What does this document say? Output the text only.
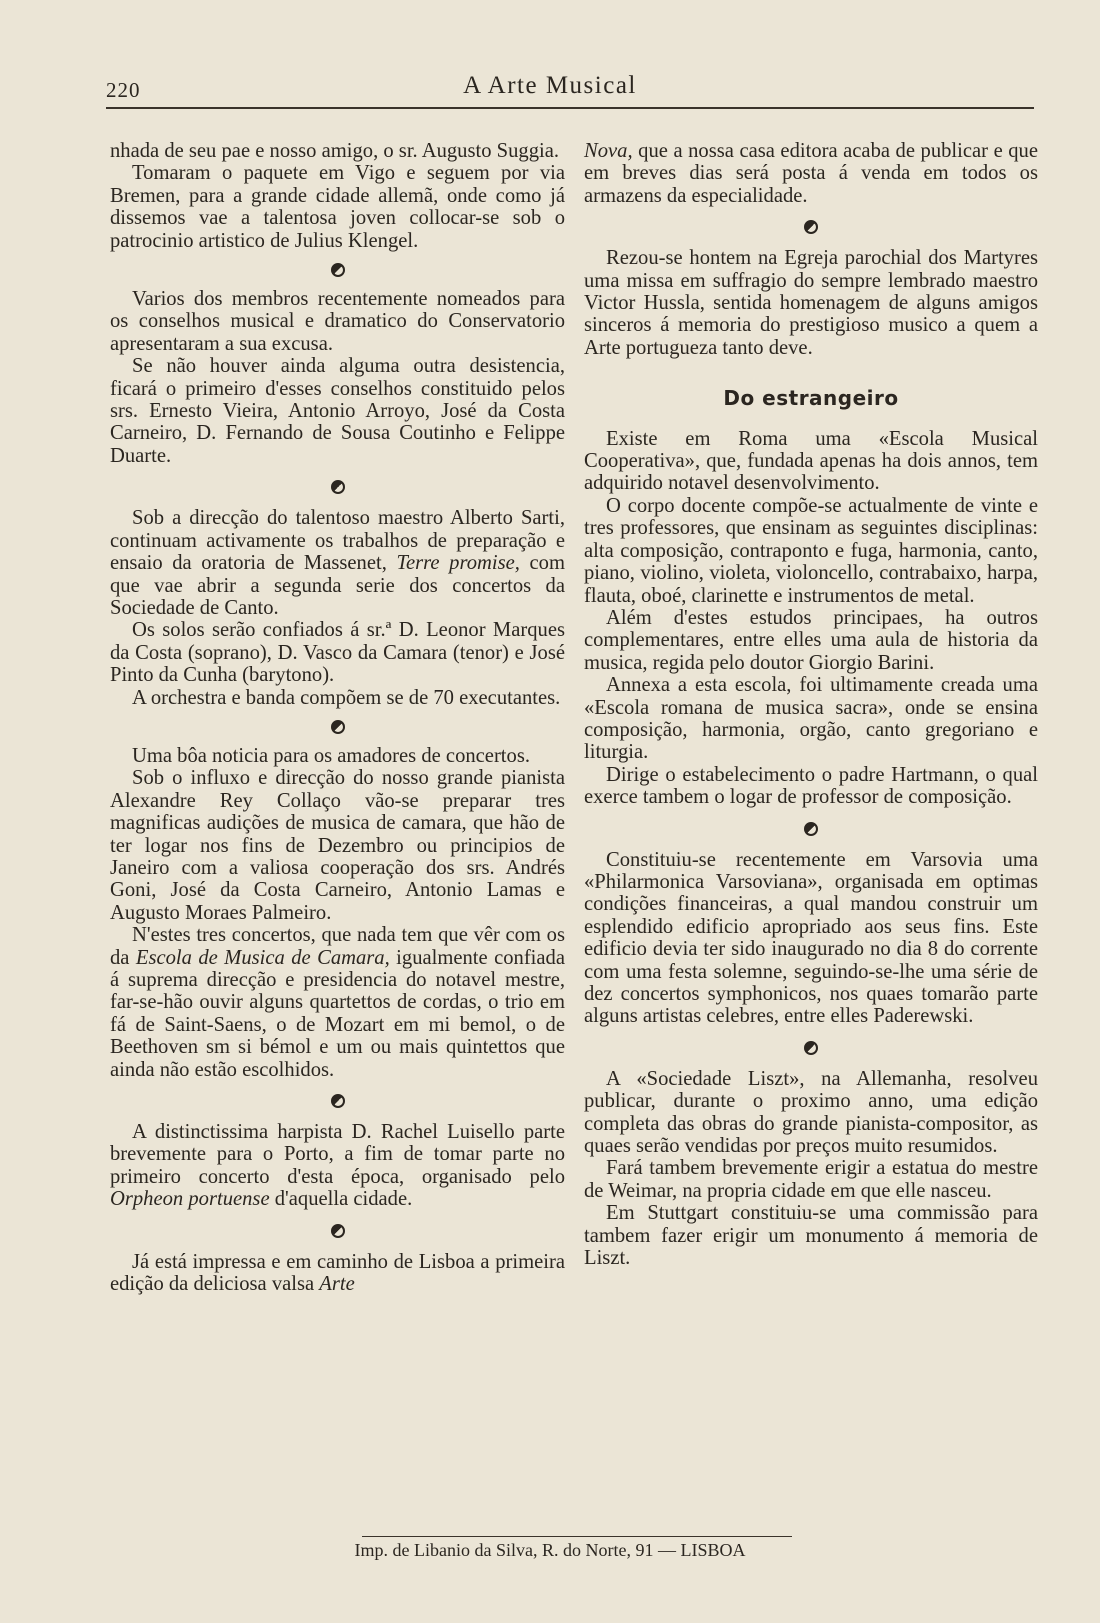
220	A Arte Musical

nhada de seu pae e nosso amigo, o sr. Augusto Suggia.

Tomaram o paquete em Vigo e seguem por via Bremen, para a grande cidade allemã, onde como já dissemos vae a talentosa joven collocar-se sob o patrocinio artistico de Julius Klengel.

Varios dos membros recentemente nomeados para os conselhos musical e dramatico do Conservatorio apresentaram a sua excusa.

Se não houver ainda alguma outra desistencia, ficará o primeiro d'esses conselhos constituido pelos srs. Ernesto Vieira, Antonio Arroyo, José da Costa Carneiro, D. Fernando de Sousa Coutinho e Felippe Duarte.

Sob a direcção do talentoso maestro Alberto Sarti, continuam activamente os trabalhos de preparação e ensaio da oratoria de Massenet, Terre promise, com que vae abrir a segunda serie dos concertos da Sociedade de Canto.

Os solos serão confiados á sr.ª D. Leonor Marques da Costa (soprano), D. Vasco da Camara (tenor) e José Pinto da Cunha (barytono).

A orchestra e banda compõem se de 70 executantes.

Uma bôa noticia para os amadores de concertos.

Sob o influxo e direcção do nosso grande pianista Alexandre Rey Collaço vão-se preparar tres magnificas audições de musica de camara, que hão de ter logar nos fins de Dezembro ou principios de Janeiro com a valiosa cooperação dos srs. Andrés Goni, José da Costa Carneiro, Antonio Lamas e Augusto Moraes Palmeiro.

N'estes tres concertos, que nada tem que vêr com os da Escola de Musica de Camara, igualmente confiada á suprema direcção e presidencia do notavel mestre, far-se-hão ouvir alguns quartettos de cordas, o trio em fá de Saint-Saens, o de Mozart em mi bemol, o de Beethoven sm si bémol e um ou mais quintettos que ainda não estão escolhidos.

A distinctissima harpista D. Rachel Luisello parte brevemente para o Porto, a fim de tomar parte no primeiro concerto d'esta época, organisado pelo Orpheon portuense d'aquella cidade.

Já está impressa e em caminho de Lisboa a primeira edição da deliciosa valsa Arte

Nova, que a nossa casa editora acaba de publicar e que em breves dias será posta á venda em todos os armazens da especialidade.

Rezou-se hontem na Egreja parochial dos Martyres uma missa em suffragio do sempre lembrado maestro Victor Hussla, sentida homenagem de alguns amigos sinceros á memoria do prestigioso musico a quem a Arte portugueza tanto deve.

Do estrangeiro

Existe em Roma uma «Escola Musical Cooperativa», que, fundada apenas ha dois annos, tem adquirido notavel desenvolvimento.

O corpo docente compõe-se actualmente de vinte e tres professores, que ensinam as seguintes disciplinas: alta composição, contraponto e fuga, harmonia, canto, piano, violino, violeta, violoncello, contrabaixo, harpa, flauta, oboé, clarinette e instrumentos de metal.

Além d'estes estudos principaes, ha outros complementares, entre elles uma aula de historia da musica, regida pelo doutor Giorgio Barini.

Annexa a esta escola, foi ultimamente creada uma «Escola romana de musica sacra», onde se ensina composição, harmonia, orgão, canto gregoriano e liturgia.

Dirige o estabelecimento o padre Hartmann, o qual exerce tambem o logar de professor de composição.

Constituiu-se recentemente em Varsovia uma «Philarmonica Varsoviana», organisada em optimas condições financeiras, a qual mandou construir um esplendido edificio apropriado aos seus fins. Este edificio devia ter sido inaugurado no dia 8 do corrente com uma festa solemne, seguindo-se-lhe uma série de dez concertos symphonicos, nos quaes tomarão parte alguns artistas celebres, entre elles Paderewski.

A «Sociedade Liszt», na Allemanha, resolveu publicar, durante o proximo anno, uma edição completa das obras do grande pianista-compositor, as quaes serão vendidas por preços muito resumidos.

Fará tambem brevemente erigir a estatua do mestre de Weimar, na propria cidade em que elle nasceu.

Em Stuttgart constituiu-se uma commissão para tambem fazer erigir um monumento á memoria de Liszt.

Imp. de Libanio da Silva, R. do Norte, 91 — LISBOA
